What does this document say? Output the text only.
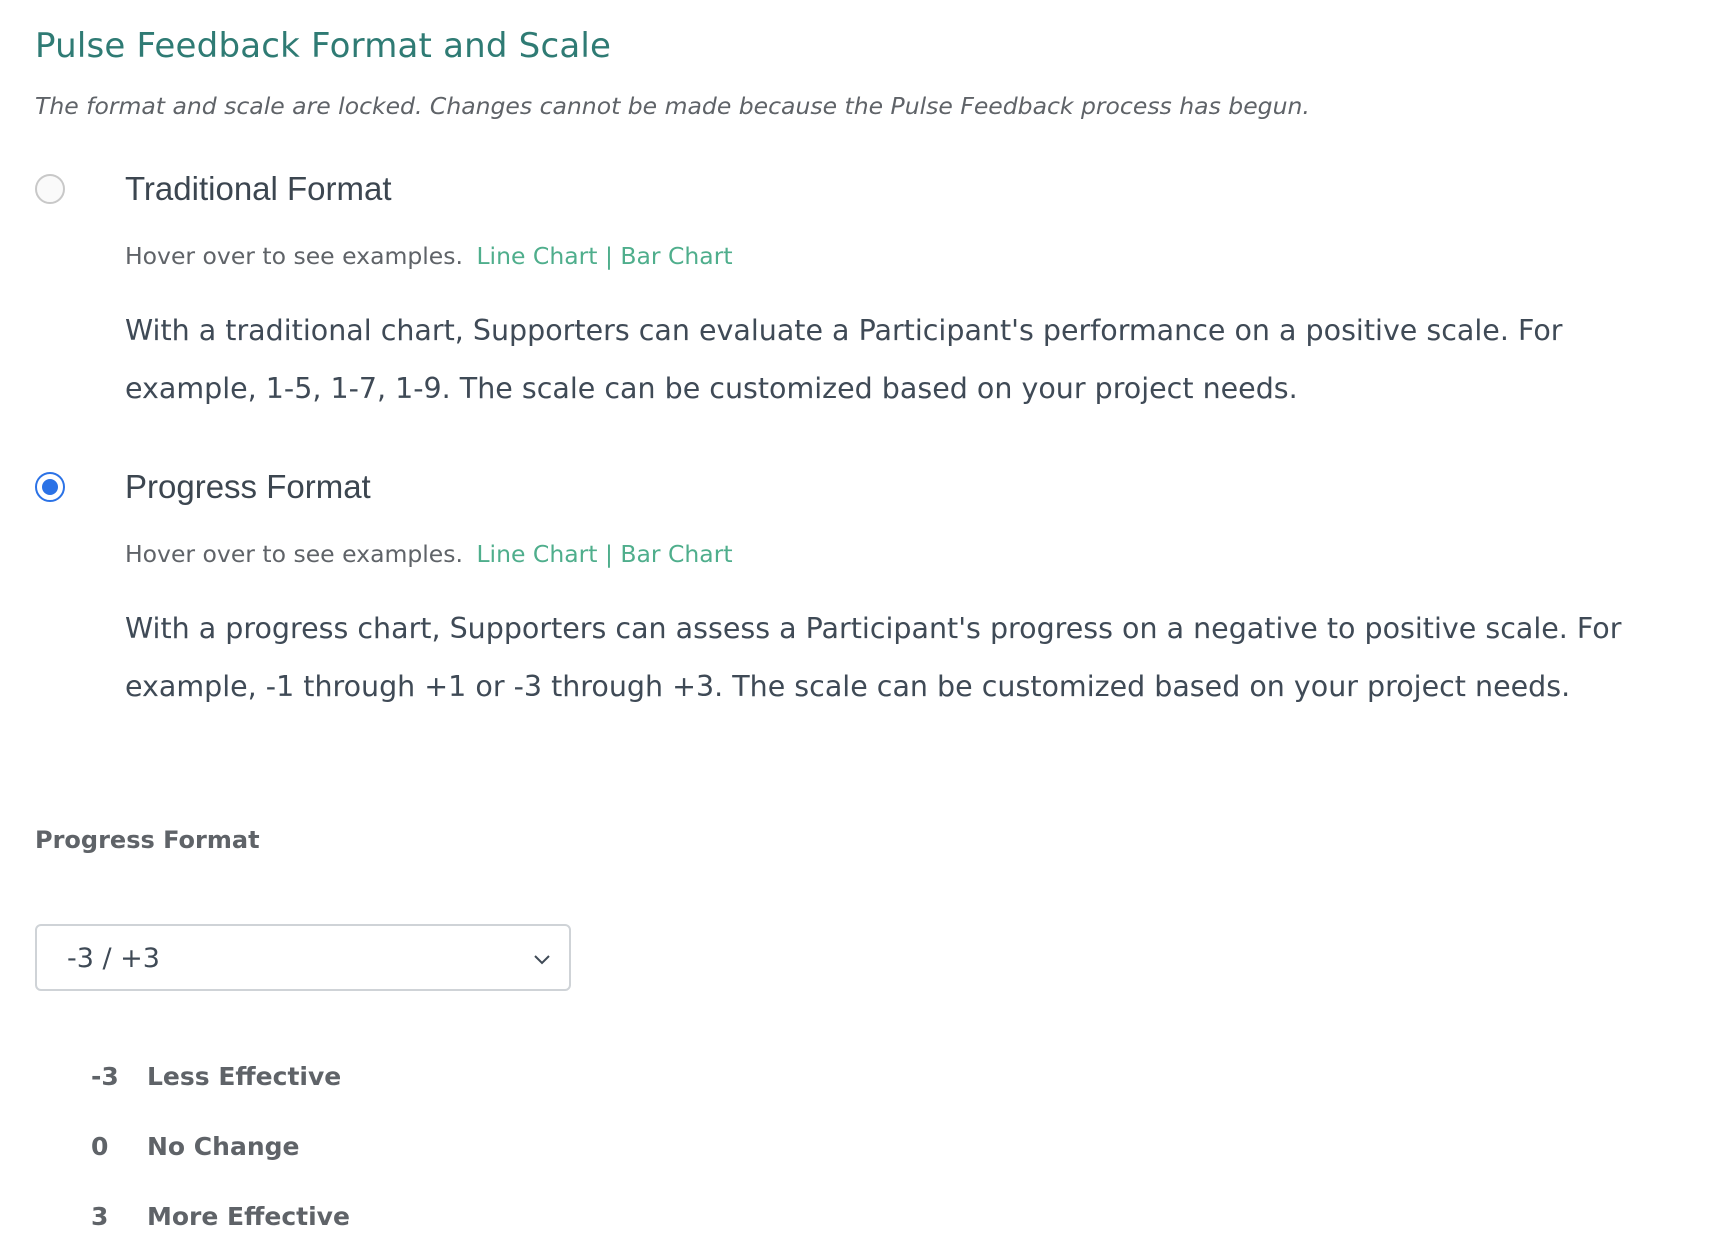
Pulse Feedback Format and Scale

The format and scale are locked. Changes cannot be made because the Pulse Feedback process has begun.

Traditional Format
Hover over to see examples. Line Chart | Bar Chart

With a traditional chart, Supporters can evaluate a Participant's performance on a positive scale. For example, 1-5, 1-7, 1-9. The scale can be customized based on your project needs.

Progress Format
Hover over to see examples. Line Chart | Bar Chart

With a progress chart, Supporters can assess a Participant's progress on a negative to positive scale. For example, -1 through +1 or -3 through +3. The scale can be customized based on your project needs.

Progress Format
-3 / +3
-3 Less Effective
0 No Change
3 More Effective
